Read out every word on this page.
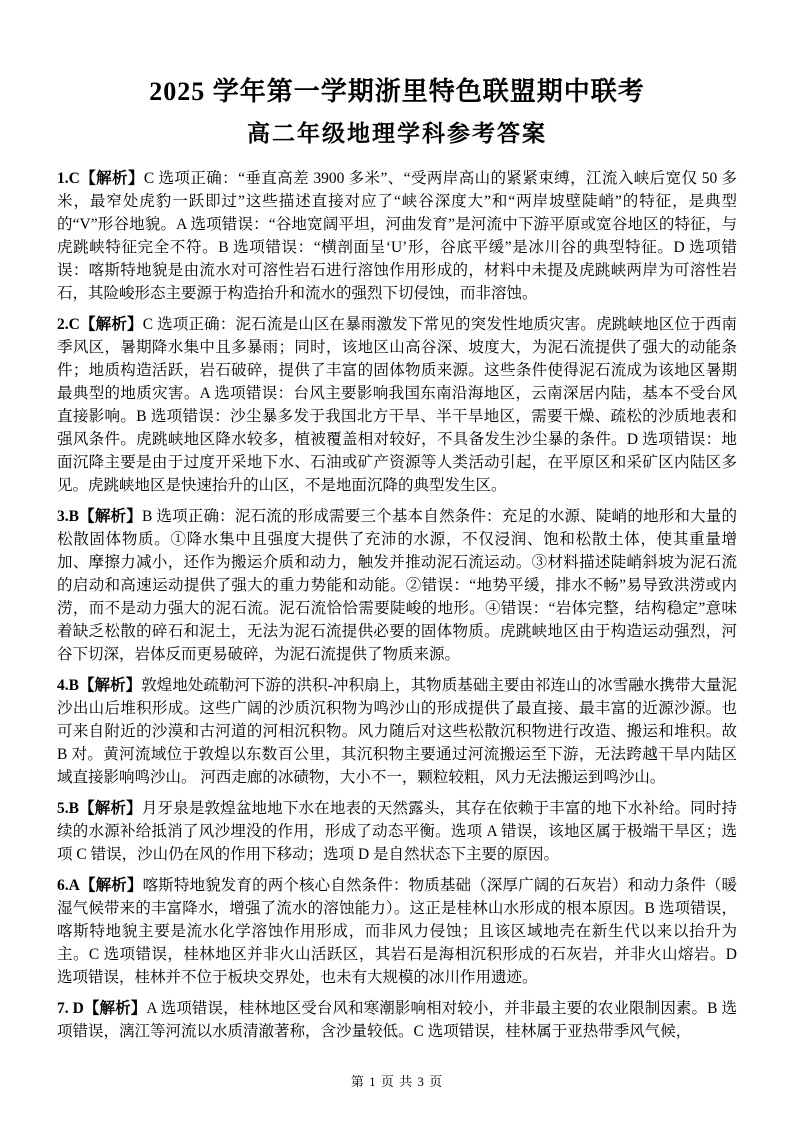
2025 学年第一学期浙里特色联盟期中联考
高二年级地理学科参考答案

1.C【解析】C 选项正确：“垂直高差 3900 多米”、“受两岸高山的紧紧束缚，江流入峡后宽仅 50 多米，最窄处虎豹一跃即过”这些描述直接对应了“峡谷深度大”和“两岸坡壁陡峭”的特征，是典型的“V”形谷地貌。A 选项错误：“谷地宽阔平坦，河曲发育”是河流中下游平原或宽谷地区的特征，与虎跳峡特征完全不符。B 选项错误：“横剖面呈‘U’形，谷底平缓”是冰川谷的典型特征。D 选项错误：喀斯特地貌是由流水对可溶性岩石进行溶蚀作用形成的，材料中未提及虎跳峡两岸为可溶性岩石，其险峻形态主要源于构造抬升和流水的强烈下切侵蚀，而非溶蚀。

2.C【解析】C 选项正确：泥石流是山区在暴雨激发下常见的突发性地质灾害。虎跳峡地区位于西南季风区，暑期降水集中且多暴雨；同时，该地区山高谷深、坡度大，为泥石流提供了强大的动能条件；地质构造活跃，岩石破碎，提供了丰富的固体物质来源。这些条件使得泥石流成为该地区暑期最典型的地质灾害。A 选项错误：台风主要影响我国东南沿海地区，云南深居内陆，基本不受台风直接影响。B 选项错误：沙尘暴多发于我国北方干旱、半干旱地区，需要干燥、疏松的沙质地表和强风条件。虎跳峡地区降水较多，植被覆盖相对较好，不具备发生沙尘暴的条件。D 选项错误：地面沉降主要是由于过度开采地下水、石油或矿产资源等人类活动引起，在平原区和采矿区内陆区多见。虎跳峡地区是快速抬升的山区，不是地面沉降的典型发生区。

3.B【解析】B 选项正确：泥石流的形成需要三个基本自然条件：充足的水源、陡峭的地形和大量的松散固体物质。①降水集中且强度大提供了充沛的水源，不仅浸润、饱和松散土体，使其重量增加、摩擦力减小，还作为搬运介质和动力，触发并推动泥石流运动。③材料描述陡峭斜坡为泥石流的启动和高速运动提供了强大的重力势能和动能。②错误：“地势平缓，排水不畅”易导致洪涝或内涝，而不是动力强大的泥石流。泥石流恰恰需要陡峻的地形。④错误：“岩体完整，结构稳定”意味着缺乏松散的碎石和泥土，无法为泥石流提供必要的固体物质。虎跳峡地区由于构造运动强烈，河谷下切深，岩体反而更易破碎，为泥石流提供了物质来源。

4.B【解析】敦煌地处疏勒河下游的洪积-冲积扇上，其物质基础主要由祁连山的冰雪融水携带大量泥沙出山后堆积形成。这些广阔的沙质沉积物为鸣沙山的形成提供了最直接、最丰富的近源沙源。也可来自附近的沙漠和古河道的河相沉积物。风力随后对这些松散沉积物进行改造、搬运和堆积。故 B 对。黄河流域位于敦煌以东数百公里，其沉积物主要通过河流搬运至下游，无法跨越干旱内陆区域直接影响鸣沙山。 河西走廊的冰碛物，大小不一，颗粒较粗，风力无法搬运到鸣沙山。

5.B【解析】月牙泉是敦煌盆地地下水在地表的天然露头，其存在依赖于丰富的地下水补给。同时持续的水源补给抵消了风沙埋没的作用，形成了动态平衡。选项 A 错误，该地区属于极端干旱区；选项 C 错误，沙山仍在风的作用下移动；选项 D 是自然状态下主要的原因。

6.A【解析】喀斯特地貌发育的两个核心自然条件：物质基础（深厚广阔的石灰岩）和动力条件（暖湿气候带来的丰富降水，增强了流水的溶蚀能力）。这正是桂林山水形成的根本原因。B 选项错误，喀斯特地貌主要是流水化学溶蚀作用形成，而非风力侵蚀；且该区域地壳在新生代以来以抬升为主。C 选项错误，桂林地区并非火山活跃区，其岩石是海相沉积形成的石灰岩，并非火山熔岩。D 选项错误，桂林并不位于板块交界处，也未有大规模的冰川作用遗迹。

7. D【解析】A 选项错误，桂林地区受台风和寒潮影响相对较小，并非最主要的农业限制因素。B 选项错误，漓江等河流以水质清澈著称，含沙量较低。C 选项错误，桂林属于亚热带季风气候，

第 1 页 共 3 页
